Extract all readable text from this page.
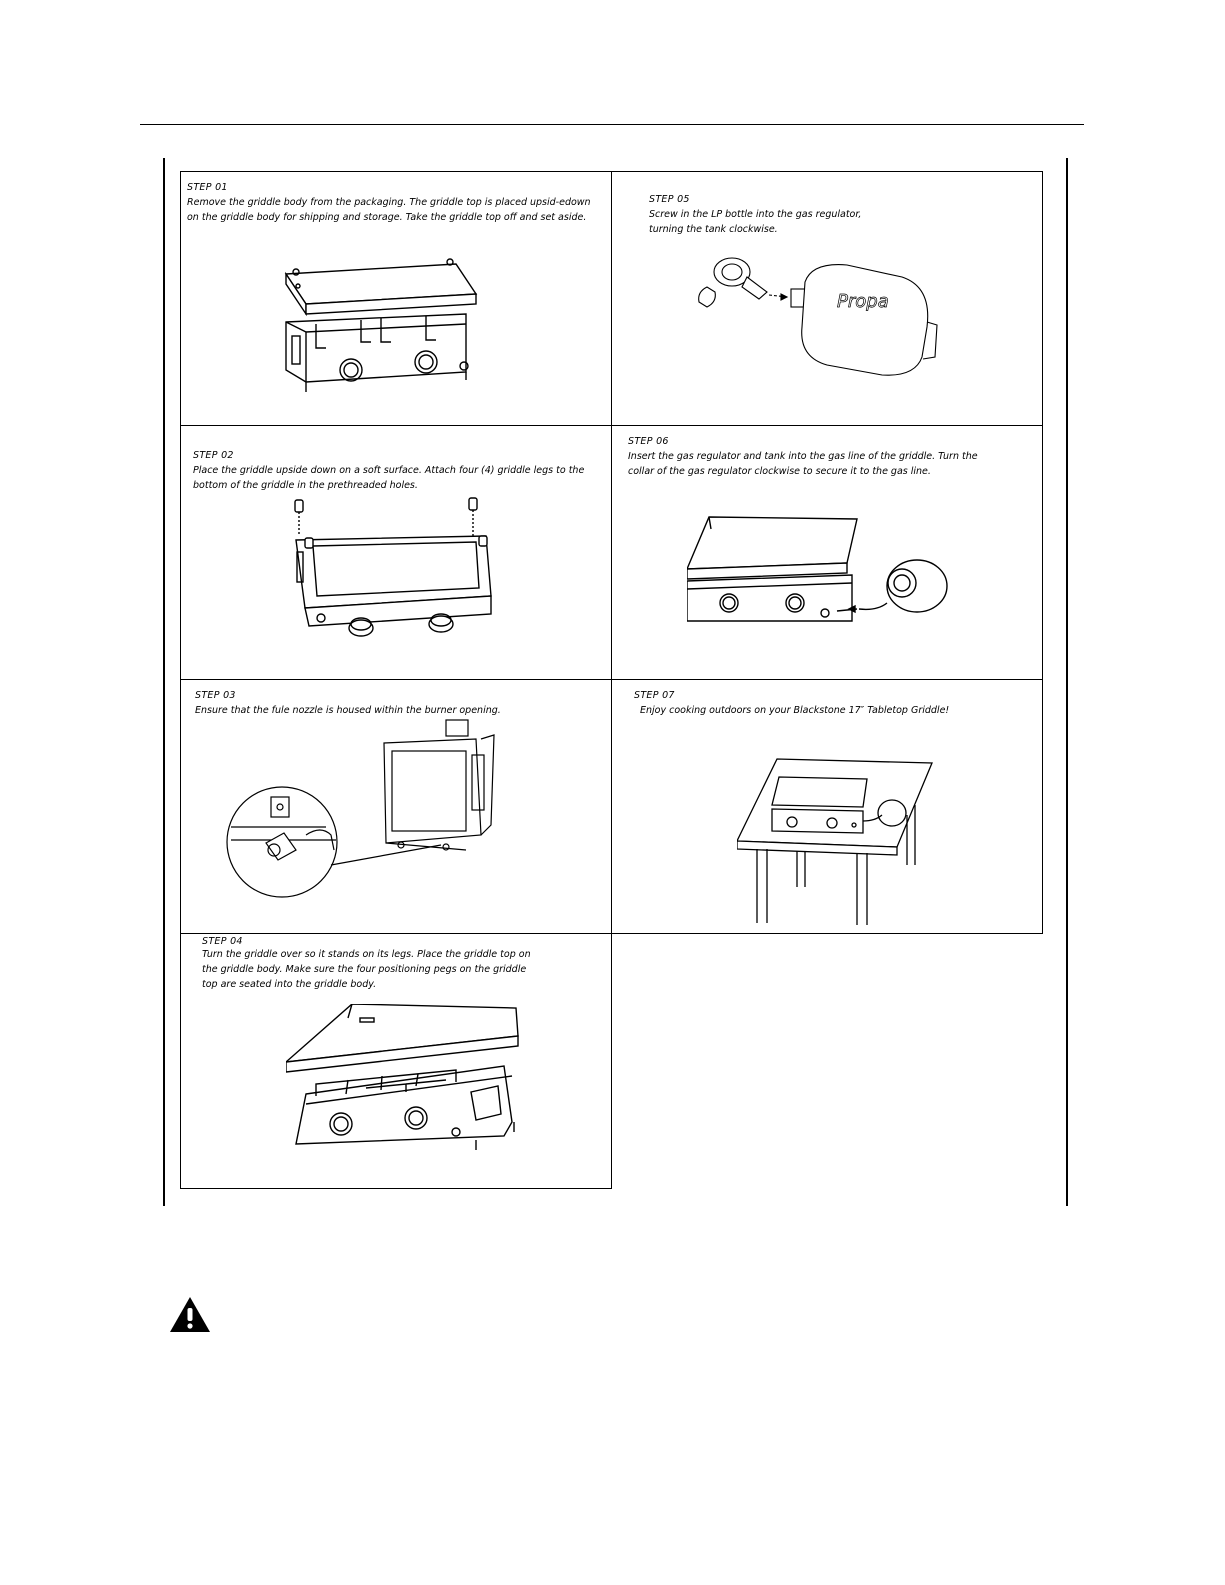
STEP 01

Remove the griddle body from the packaging. The griddle top is placed upsid-edown on the griddle body for shipping and storage. Take the griddle top off and set aside.

STEP 05

Screw in the LP bottle into the gas regulator, turning the tank clockwise.

Propa

STEP 02

Place the griddle upside down on a soft surface. Attach four (4) griddle legs to the bottom of the griddle in the prethreaded holes.

STEP 06

Insert the gas regulator and tank into the gas line of the griddle. Turn the collar of the gas regulator clockwise to secure it to the gas line.

STEP 03

Ensure that the fule nozzle is housed within the burner opening.

STEP 07

Enjoy cooking outdoors on your Blackstone 17″ Tabletop Griddle!

STEP 04

Turn the griddle over so it stands on its legs. Place the griddle top on the griddle body. Make sure the four positioning pegs on the griddle top are seated into the griddle body.
